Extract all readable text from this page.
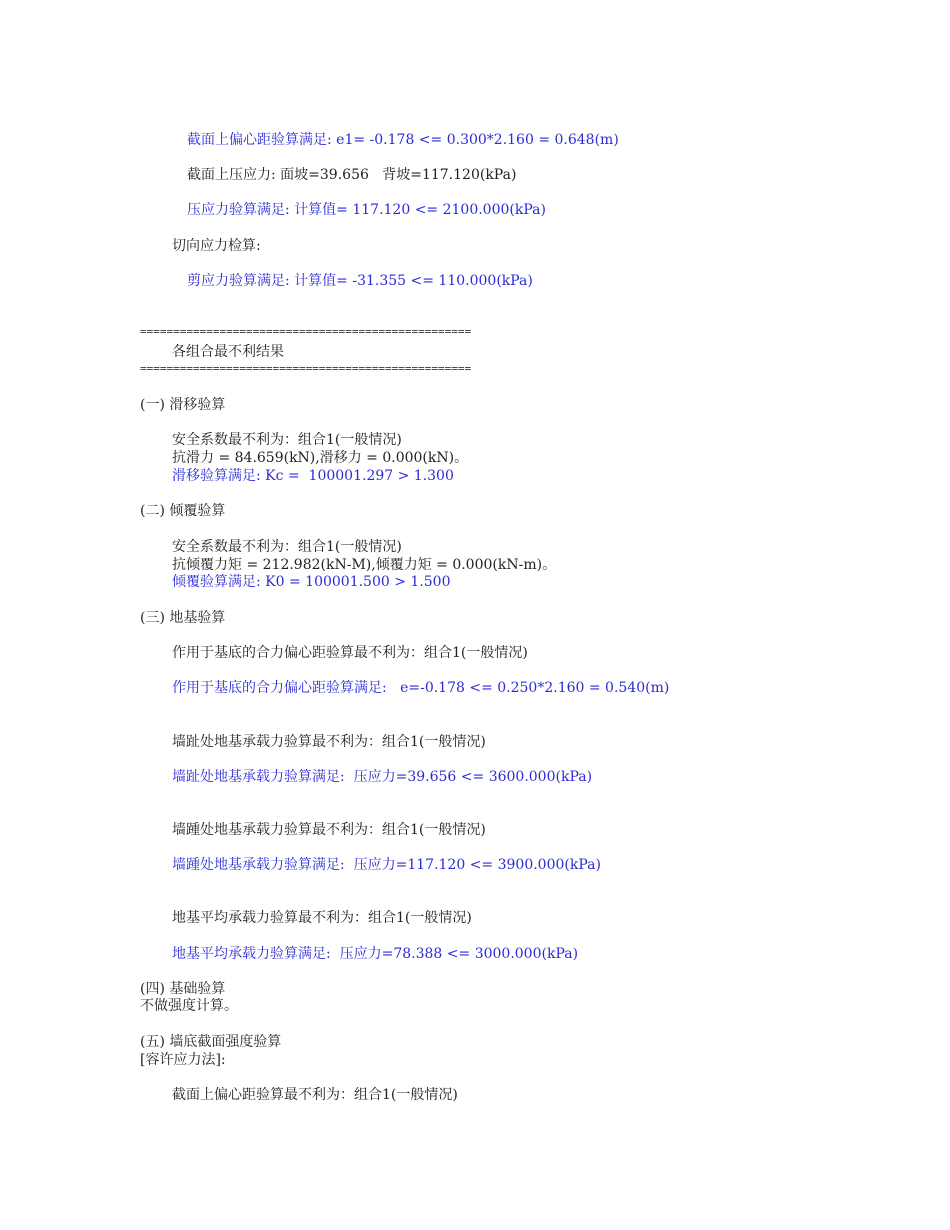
截面上偏心距验算满足: e1= -0.178 <= 0.300*2.160 = 0.648(m)
截面上压应力: 面坡=39.656   背坡=117.120(kPa)
压应力验算满足: 计算值= 117.120 <= 2100.000(kPa)
切向应力检算:
剪应力验算满足: 计算值= -31.355 <= 110.000(kPa)
==================================================
各组合最不利结果
==================================================
(一) 滑移验算
安全系数最不利为：组合1(一般情况)
抗滑力 = 84.659(kN),滑移力 = 0.000(kN)。
滑移验算满足: Kc =  100001.297 > 1.300
(二) 倾覆验算
安全系数最不利为：组合1(一般情况)
抗倾覆力矩 = 212.982(kN-M),倾覆力矩 = 0.000(kN-m)。
倾覆验算满足: K0 = 100001.500 > 1.500
(三) 地基验算
作用于基底的合力偏心距验算最不利为：组合1(一般情况)
作用于基底的合力偏心距验算满足:   e=-0.178 <= 0.250*2.160 = 0.540(m)
墙趾处地基承载力验算最不利为：组合1(一般情况)
墙趾处地基承载力验算满足:  压应力=39.656 <= 3600.000(kPa)
墙踵处地基承载力验算最不利为：组合1(一般情况)
墙踵处地基承载力验算满足:  压应力=117.120 <= 3900.000(kPa)
地基平均承载力验算最不利为：组合1(一般情况)
地基平均承载力验算满足:  压应力=78.388 <= 3000.000(kPa)
(四) 基础验算
不做强度计算。
(五) 墙底截面强度验算
[容许应力法]:
截面上偏心距验算最不利为：组合1(一般情况)
